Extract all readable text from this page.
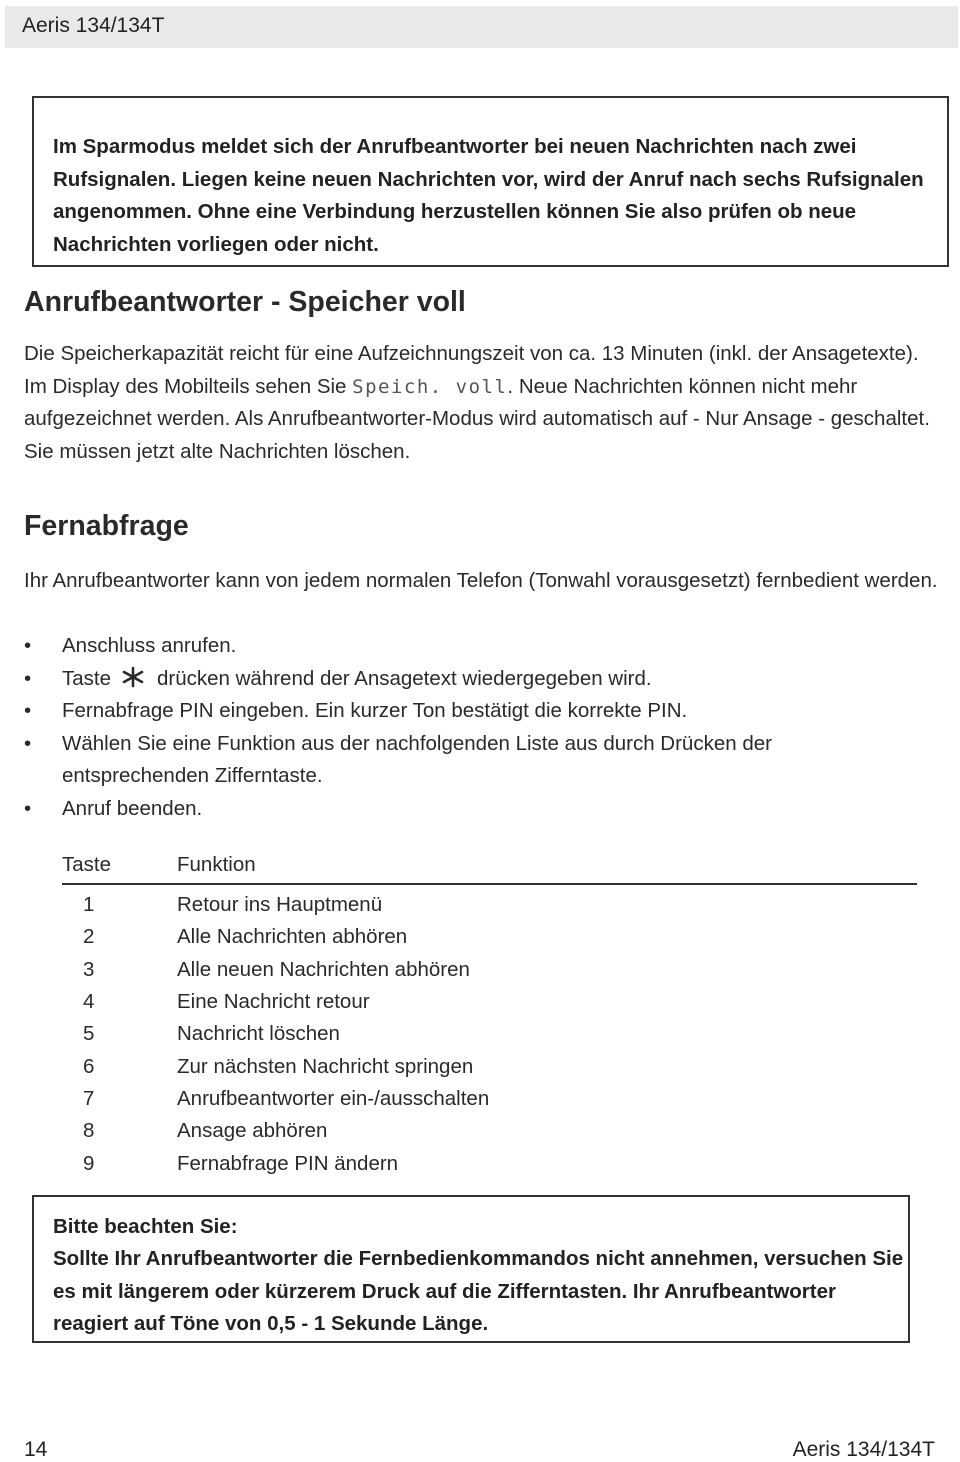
Aeris 134/134T

Im Sparmodus meldet sich der Anrufbeantworter bei neuen Nachrichten nach zwei Rufsignalen. Liegen keine neuen Nachrichten vor, wird der Anruf nach sechs Rufsignalen angenommen. Ohne eine Verbindung herzustellen können Sie also prüfen ob neue Nachrichten vorliegen oder nicht.

Anrufbeantworter - Speicher voll

Die Speicherkapazität reicht für eine Aufzeichnungszeit von ca. 13 Minuten (inkl. der Ansagetexte). Im Display des Mobilteils sehen Sie Speich. voll. Neue Nachrichten können nicht mehr aufgezeichnet werden. Als Anrufbeantworter-Modus wird automatisch auf - Nur Ansage - geschaltet. Sie müssen jetzt alte Nachrichten löschen.

Fernabfrage

Ihr Anrufbeantworter kann von jedem normalen Telefon (Tonwahl vorausgesetzt) fernbedient werden.

• Anschluss anrufen.
• Taste drücken während der Ansagetext wiedergegeben wird.
• Fernabfrage PIN eingeben. Ein kurzer Ton bestätigt die korrekte PIN.
• Wählen Sie eine Funktion aus der nachfolgenden Liste aus durch Drücken der entsprechenden Zifferntaste.
• Anruf beenden.
Taste	Funktion
1	Retour ins Hauptmenü
2	Alle Nachrichten abhören
3	Alle neuen Nachrichten abhören
4	Eine Nachricht retour
5	Nachricht löschen
6	Zur nächsten Nachricht springen
7	Anrufbeantworter ein-/ausschalten
8	Ansage abhören
9	Fernabfrage PIN ändern

Bitte beachten Sie:
Sollte Ihr Anrufbeantworter die Fernbedienkommandos nicht annehmen, versuchen Sie es mit längerem oder kürzerem Druck auf die Zifferntasten. Ihr Anrufbeantworter reagiert auf Töne von 0,5 - 1 Sekunde Länge.

14	Aeris 134/134T
